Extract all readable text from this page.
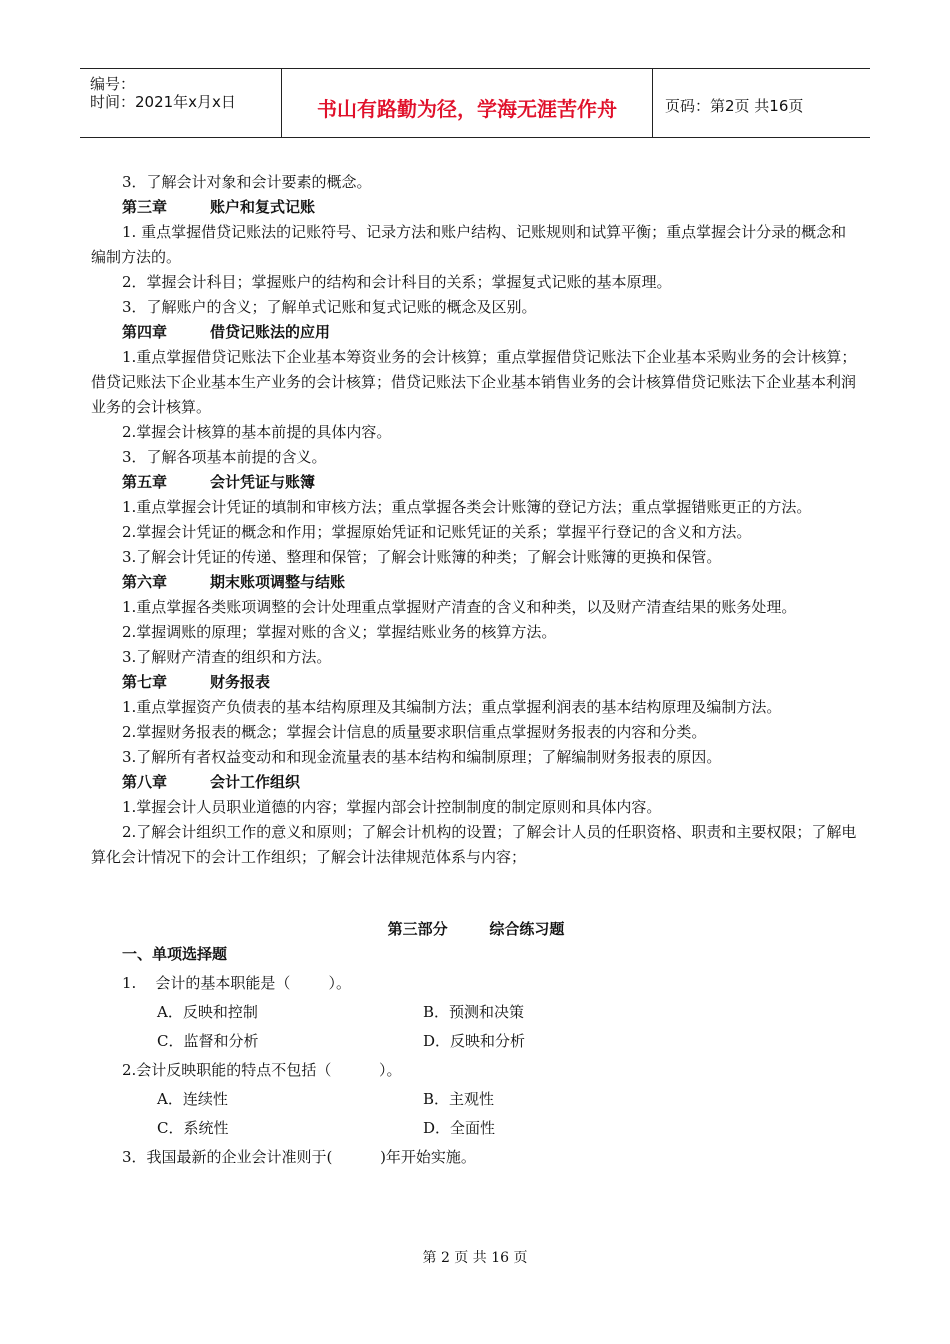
编号：
时间：2021年x月x日	书山有路勤为径，学海无涯苦作舟	页码：第2页 共16页

3．了解会计对象和会计要素的概念。

第三章	账户和复式记账

1. 重点掌握借贷记账法的记账符号、记录方法和账户结构、记账规则和试算平衡；重点掌握会计分录的概念和编制方法的。

2．掌握会计科目；掌握账户的结构和会计科目的关系；掌握复式记账的基本原理。

3．了解账户的含义；了解单式记账和复式记账的概念及区别。

第四章	借贷记账法的应用

1.重点掌握借贷记账法下企业基本筹资业务的会计核算；重点掌握借贷记账法下企业基本采购业务的会计核算；借贷记账法下企业基本生产业务的会计核算；借贷记账法下企业基本销售业务的会计核算借贷记账法下企业基本利润业务的会计核算。

2.掌握会计核算的基本前提的具体内容。

3．了解各项基本前提的含义。

第五章	会计凭证与账簿

1.重点掌握会计凭证的填制和审核方法；重点掌握各类会计账簿的登记方法；重点掌握错账更正的方法。

2.掌握会计凭证的概念和作用；掌握原始凭证和记账凭证的关系；掌握平行登记的含义和方法。

3.了解会计凭证的传递、整理和保管；了解会计账簿的种类；了解会计账簿的更换和保管。

第六章	期末账项调整与结账

1.重点掌握各类账项调整的会计处理重点掌握财产清查的含义和种类，以及财产清查结果的账务处理。

2.掌握调账的原理；掌握对账的含义；掌握结账业务的核算方法。

3.了解财产清查的组织和方法。

第七章	财务报表

1.重点掌握资产负债表的基本结构原理及其编制方法；重点掌握利润表的基本结构原理及编制方法。

2.掌握财务报表的概念；掌握会计信息的质量要求职信重点掌握财务报表的内容和分类。

3.了解所有者权益变动和和现金流量表的基本结构和编制原理；了解编制财务报表的原因。

第八章	会计工作组织

1.掌握会计人员职业道德的内容；掌握内部会计控制制度的制定原则和具体内容。

2.了解会计组织工作的意义和原则；了解会计机构的设置；了解会计人员的任职资格、职责和主要权限；了解电算化会计情况下的会计工作组织；了解会计法律规范体系与内容；

第三部分        综合练习题

一、单项选择题

1.    会计的基本职能是（        ）。

A．反映和控制	B．预测和决策
C．监督和分析	D．反映和分析

2.会计反映职能的特点不包括（          ）。

A．连续性	B．主观性
C．系统性	D．全面性

3．我国最新的企业会计准则于(          )年开始实施。

第 2 页 共 16 页
